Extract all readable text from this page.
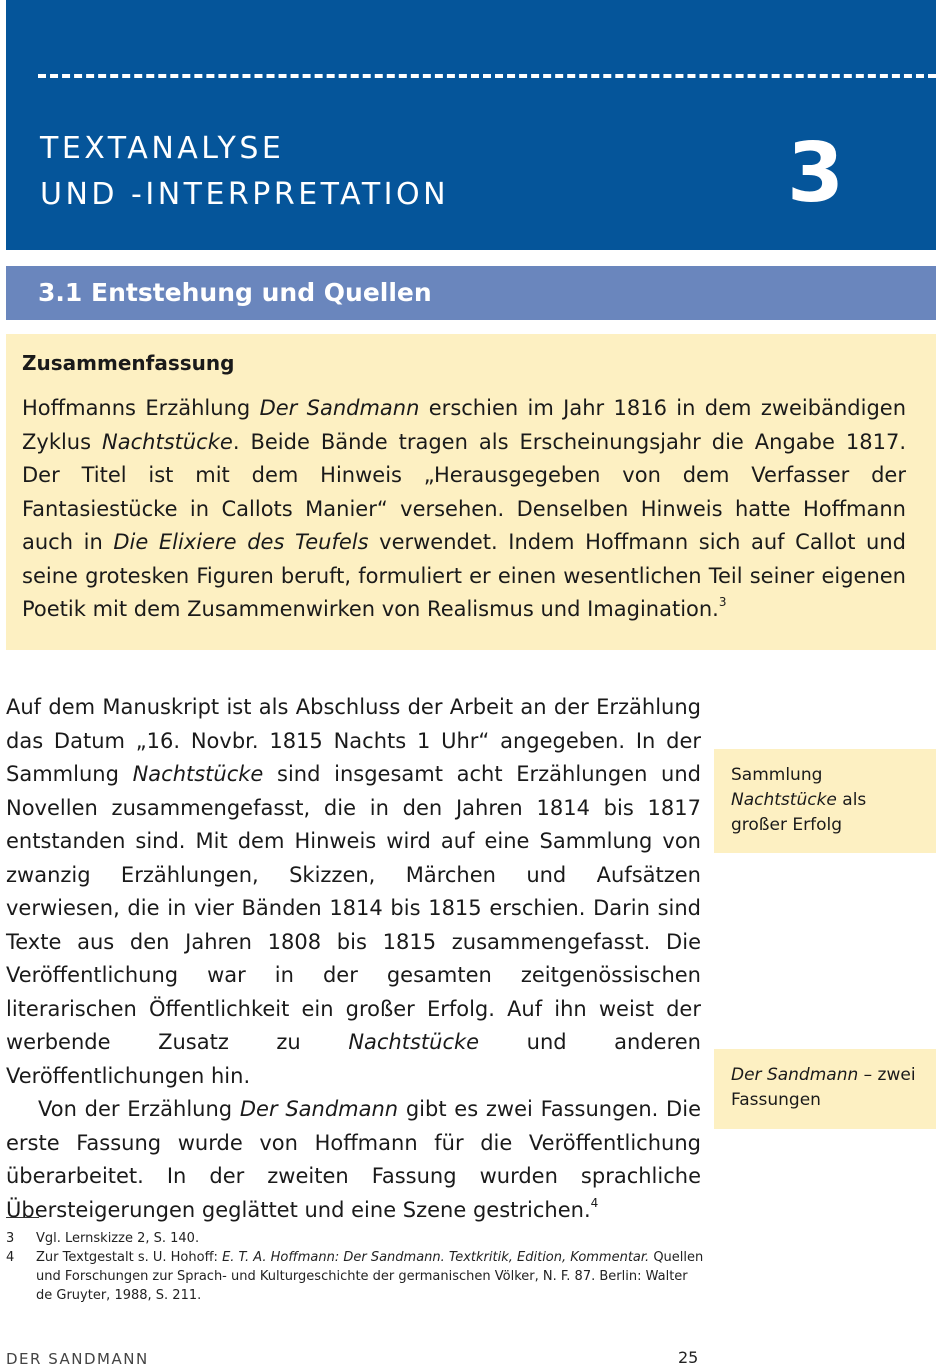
TEXTANALYSE
UND -INTERPRETATION	3
3.1 Entstehung und Quellen
Zusammenfassung
Hoffmanns Erzählung Der Sandmann erschien im Jahr 1816 in dem zweibändigen Zyklus Nachtstücke. Beide Bände tragen als Erscheinungsjahr die Angabe 1817. Der Titel ist mit dem Hinweis „Herausgegeben von dem Verfasser der Fantasiestücke in Callots Manier“ versehen. Denselben Hinweis hatte Hoffmann auch in Die Elixiere des Teufels verwendet. Indem Hoffmann sich auf Callot und seine grotesken Figuren beruft, formuliert er einen wesentlichen Teil seiner eigenen Poetik mit dem Zusammenwirken von Realismus und Imagination.$^3$

Auf dem Manuskript ist als Abschluss der Arbeit an der Erzählung das Datum „16. Novbr. 1815 Nachts 1 Uhr“ angegeben. In der Sammlung Nachtstücke sind insgesamt acht Erzählungen und Novellen zusammengefasst, die in den Jahren 1814 bis 1817 entstanden sind. Mit dem Hinweis wird auf eine Sammlung von zwanzig Erzählungen, Skizzen, Märchen und Aufsätzen verwiesen, die in vier Bänden 1814 bis 1815 erschien. Darin sind Texte aus den Jahren 1808 bis 1815 zusammengefasst. Die Veröffentlichung war in der gesamten zeitgenössischen literarischen Öffentlichkeit ein großer Erfolg. Auf ihn weist der werbende Zusatz zu Nachtstücke und anderen Veröffentlichungen hin.

Von der Erzählung Der Sandmann gibt es zwei Fassungen. Die erste Fassung wurde von Hoffmann für die Veröffentlichung überarbeitet. In der zweiten Fassung wurden sprachliche Übersteigerungen geglättet und eine Szene gestrichen.$^4$

Sammlung
Nachtstücke als großer Erfolg
Der Sandmann – zwei Fassungen
3 Vgl. Lernskizze 2, S. 140.
4 Zur Textgestalt s. U. Hohoff: E. T. A. Hoffmann: Der Sandmann. Textkritik, Edition, Kommentar. Quellen und Forschungen zur Sprach- und Kulturgeschichte der germanischen Völker, N. F. 87. Berlin: Walter de Gruyter, 1988, S. 211.
DER SANDMANN	25
